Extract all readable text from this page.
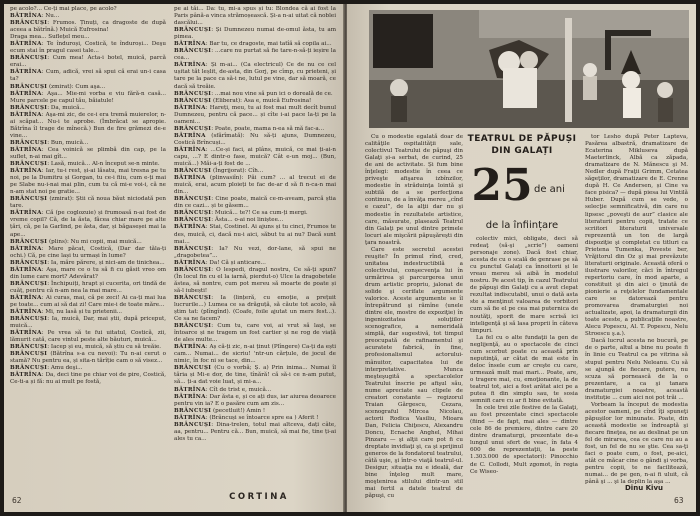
pe acolo?... Ce-ți mai place, pe acolo?

BĂTRÎNA: Nu...

BRÂNCUȘI: Frumos. Ținuți, ca dragoste de după aceea a bătrînă.) Muică Eufrosina!

Draga mea... Suflețel meu...

BĂTRÎNA: Te înduroși, Costică, te înduroși... Deşu ecum stai în pragul casei tale...

BRÂNCUȘI: Cum mea! Acta-i botel, muică, parcă erai...

BĂTRÎNA: Cum, adică, vrei să spui că erai un-i casa ta?

BRÂNCUȘI (zmirat): Cum aşa...

BĂTRÎNA: Aşa... Mie-mi vorba e viu fără-n casă... Mure parcele pe capul tău, băiatule!

BRÂNCUȘI: Da, muică...

BĂTRÎNA: Aşa-mi zic, de ce-i era tremă muierelor, n-ai scăpat... Nu-i te aprobe. (Îmbrăcat se apropie. Bătrîna îl trage de mînecă.) Bun de fire grămezi de-e vine...

BRÂNCUȘI: Bun, muică...

BĂTRÎNA: Cea voinică se plimbă din cap, pe la suflet, n-ai mai gît...

BRÂNCUȘI: Lasă, muică... Al-n început se-n minte.

BĂTRÎNA: Iar, tu-i rest, și-ai lăsatu, mai tresna pe tu noi, pe la Dumitru și Gorgan, tu ce-i fiiu, cum e-ți mai pe Slabe nu-i-nai mai plin, cum tu că mi-e voi-i, că ne n-am stat noi pe gratie...

BRÂNCUȘI (zmirat): Știi că noua băut niciodată pen tare.

BĂTRÎNA: Că (pe coglozuie) și frumoasă n-ai fost de vreme copil? Că, de la ăsta, fâcea chiar mare pe alte țări, că, pe la Garlind, pe ăsta, dar, și băgaseșei mai la ape...

BRÂNCUȘI (plins): Nu mi copii, mai muică...

BĂTRÎNA: Mare păcat, Costică, (Dar dar tăla-ți ochi.) Că, pe cine lași tu urmași în lume?

BRÂNCUȘI: Ia, măre părere, și nici-am de tinichea...

BĂTRÎNA: Aşa, mare ce o tu să fi cu găsit vreo om din lume care mort? Adevărat?

BRÂNCUȘI: Închipuiți, hrapt și cucerita, ori tindă de cuăț, pentru că n-am nea la mai mare...

BĂTRÎNA: Ai curas, mai, că pe zeci! Ai ca-ți mai lua pe toate... cum ai să dai zi! Care mie-i de toate măre...

BĂTRÎNA: Mi, nu lasă și tu prietenii...

BRÂNCUȘI: Ia, muică, Dar, mai știi, după priceput, muică...

BĂTRÎNA: Pe vrea să te fui uitatul, Costică, zii, lămurit cată, care vintul peste alte băuturi, muică...

BRÂNCUȘI: Iacep și eu, muică, să știu cu să treăie.

BRÂNCUȘI (Bătrîna s-a cu nevoi): Tu n-ai cerut o stamă? Nu pentru ea, și sita-n tărîție cam o să visez...

BRÂNCUȘI: Amu deşi...

BĂTRÎNA: Da, deci tine pe chiar voi de pire, Costică, Ce-ti-a și fă: nu ai mult pe fostă,

pe ai tăi... Da: tu, mi-a spus și tu: Blondea că ai fost la Paris până-a vinca strămoșească. Și-a n-ai uitat că noblei dascălui...

BRÂNCUȘI: Și Dumnezeu numai de-omul ăsta, tu am pimea.

BĂTRÎNA: Bar tu, ce dragoste, mai tatîă să copila ai...

BRÂNCUȘI: ...care nu purtat să fie tare-n-să-ți ieșire la cea...

BĂTRÎNA: Și m-ai... (Ca electricul) Ce de nu ce cel ușitat tăt leșlit, de-asta, din Gorj, pe cîmp, cu prieteni, și tare pe la pace ca să-i ne, lutul pe vine, dar să moară, ce dacă să treăie.

BRÂNCUȘI: ...mai nou vine să pun ici o doreală de ce.

BRÂNCUȘI (Eliberat): Asa e, muică Eufrosina!

BĂTRÎNA: Hareți, meu, tu ai fost mai mult decît bunul Dumnezeu, pentru că pace... și cîte i-ai pace la-ți pe la oameni...

BRÂNCUȘI: Poate, poate, mama n-ea să mă fac-a...

BĂTRÎNA (sfărîmată): Nu să-ți ajuns, Dumnezeu, Costică Brîncuși...

BĂTRÎNA: ...Ce-și faci, ai plâns, muică, ce mai ți-ai-n capu, ...? E dintr-o fase, muică? Cât e-un moj... (Bun, muică...) Măi-a-ți fost de ...

BRÂNCUȘI (Îngrijorat): Cîh...

BĂTRÎNA (plinvasiîn): Păi cum? ... al trecut ei de muică, erai, acum ploieți te fac de-ar d să fi n-ca-n mai din...

BRÂNCUȘI: Cine poate, maică ce-m-aveam, parcă știa din ce cazi... și te găsem...

BRÂNCUȘI: Muică... te?! Ce sa cum-ți mergi.

BRÂNCUȘI: Ăsta... o-ai noi liniștee...

BĂTRÎNA: Stai, Costinel. Ai ajuns și tu cinci, Frumos te des, muică, ci, dacă nu-i aici, săbut tu ai nu? Dacă sunt mai...

BRÂNCUȘI: Ia? Nu vezi, dor-lane, să spui ne „dragobeteа”...

BĂTRÎNA: Da! Că și anticare...

BRÂNCUȘI: O lespedi, dragul nostru, Ce să-ți spun? (În locul fin cu el la iarnă, pierdut-o) Ulce la dragobetele ăstea, să nontre, cum pot mereu să moarte de poate și să-l iubești!

BRÂNCUȘI: Ia (lințeră, cu emoție, a prețuit lucrurile...) Lumea ce sa drăguță, să căute tot acolo, să știm tat: (plîngînd). (Coafe, foile ajutat un mers fest...). Ce sa ne facem?

BRÂNCUȘI: Cum tu, care voi, ai vrut să lași, se întoarce și ne tragem un fost cartier și ne rog de viață de ales multe...

BĂTRÎNA: Aș că-ți zic, n-ai ținut (Plîngere) Ca-ți da ești cam... Numai... de sicriu! 'ntr-un cărțule, de jocul de nimic, în foc ni se tace, din...

BRÂNCUȘI (Cu o vorbă; Ș. a) Prin inima... Numai îl tăria și Mi-e dor, de tine, tînără! că să-i ce n-am putut, să... ți-a dat voie luat, și mi-a...

BĂTRÎNA: Cît de trist e, muică...

BĂTRÎNA: Dar ăsta e, și ce ați dus, iar aiurea deoarece pentru vin ia? E o pasăre cum am zis...

BRÂNCUȘI (pecetluit!) Amin !

BĂTRÎNA: (Brâncuși se întoarce spre ea ) Aferit !

BRÂNCUȘI: Dina-trelen, totul mai altceva, dați câte, aa, pentru... Pentru că... Bun, muică, să mai fie, tine ți-ai ales tu ca...

CORTINA
62
TEATRUL DE PĂPUȘI
DIN GALAȚI
25 de ani
de la înființare

Cu o modestie egalată doar de calităţile ospitalităţii sale, colectivul Teatrului de păpuşi din Galaţi și-a serbat, de curind, 25 de ani de activitate. Și fum bine înţelegi: modestie în ceea ce priveşte afişarea izbînzilor, modestie în străduinţa lointă şi subtilă de a se perfecţiona continuu, de a învăţa mereu „cînd e cazul”, de la alţii dar nu şi modestie în rezultatele artistice, care, măsurate, plasează Teatrul din Galaţi pe unul dintre primele locuri ale mişcării păpuşăreşti din ţara noastră.

Care este secretul acestei reuşite? În primul rînd, cred, unitatea indestructibilă a colectivului, conşecvenţa lui în urmărirea şi parcurgerea unui drum artistic propriu, jalonat de solide şi cerifate argumente valorice. Aceste argumente se îl întrepătrund şi rămîne (unele dintre ele, mostre de expoziţie) în ingeniozitatea soluţiilor scenografice, a nemeridală simplă, dar sugestivă, tot timpul preocupată de rafinamentul şi acuratete fabrică, în fine, profesionalismul actorului-mânuitor, capacitatea lui de interpretative. Munca meşteşugită a spectacolelor Teatrului înscrie pe afişul său, nume apreciate sau clipele de creatori constante — regizorul Traian Gărgescu, Cezara, scenograful Mircea Nicolau, actorii Rodica Vasiliu, Mioara Dan, Felicia Chiţescu, Alexandru Doncu, Ecnache Anghel, Mihai Pinzaru — şi alţii care pot fi cu dreptate invidiaţi şi, ca şi sprijinul generos de la fondatorul teatrului, câtă uşie, şi într-o viaţă teatrul-ul. Desigur, situaţia nu e ideală, dar bine înţeleg mult mare, moştenirea stilului dintr-un stil mai fertil a datele teatrul de păpuşi, cu

colectiv mici, obligate, deci să redeaţ (să-şi „scrie”) oameni personaje zone). Dacă fost chiar, acesta de cu o scală de genrase pe să cu punctul Galaţi ca înnoitorii și le vreau mereu să aibă în modelul nostru. Pe acest tip, în cazul Teatrului de păpuşi din Galaţi cu a avut clepat rezultat indiscutabil, unui o dată asta ste a menţinut valoarea de vorbitori cum să fie el pe cea mai puternica de noutăţi, sporit de mare scrisă ici inteligenţă şi să lasa proprii în câteva timpuri.

La fel cu o alte fundaţii la gen de neglijenţă, au o spectacole de cinci cum scorbut poate cu această prin neputinţă, ar cătat de mai este în deloc însele cum ar creşte cu care, urmează mult mai mari... Poate, are, o tragere mai, cu, emoţionante, la de teatrul tot, aici a fost arătat aici pe a putea fi din simplu sau, te sosia semnifi care cu ar fi bine evitată.

În cele trei zile festive de la Galaţi, au fost prezentate cinci spectacole (fiind — de fapt, mai ales — dintre cele 86 de premiere, dintre care 20 dintre dramaturgi, prezentate de-a lungul unui sfert de veac, în fata 4 600 de reprezentaţii, la peste 1.303.000 de spectatori): Pinocchio de C. Collodi, Mult zgomot, în regia Ce Wiseo-

tor Lesho după Peter Lapteva, Pasărea albastră, dramatizare de Ecaterina Mikluseva după Maeterlinck, Albă ca zăpada, dramatizare de N. Mănescu şi M. Nedler după Fraţii Grimm, Cetatea săgeţilor, dramatizare de E. Crenne după H. Ce Andersen, și Cine va face pisica? — după piesa lui Vintilă Huber. După cum se vede, o selecţie semnificativă, din care nu lipsesc „poveşti de aur” clasice ale literaturii pentru copii, tratate ce scriitori literaturii universale reprezentă un ton de largă dispoziţie şi completat cu titluri ca Prietena Tumenka, Poveste ber, Vrăjitorul din Oz şi mai prevăzute literaturii originale. Această oferă o ilustrare valorilor, căci în întregul repertoriu care, în mod aparte, a constituit şi din aici o ţinută de pionierie a reţelelor fundamentale care se datorează pentru promovarea dramaturgiei noi actualizate, apoi, la dramaturgii din toate aceste, a publicaţiile noastre, Alecu Popescu, Al. T. Popescu, Nelu Stroescu ş.a.).

Dacă lucrul acesta ne bucură, pe de o parte, altul a bine nu poate fi în linie cu Teatrul ca pe vitrina să stupul pentru Nelu Neleanu. Cu să se ajungă de fiecare, putere, nu scuza să pornească de la o prezentare, a ca şi tanara dramaturgiei noastre, această instituție ... cum aici noi pot trăi ...

Vorbeam la început de modestia acestor oameni, pe cînd îţi spuneţi păpuşilor lor minunate. Poate, din această modestie se îndreaptă şi fiecare fineţea, ne au deslinat pe un fel de mirarea, cea ce care nu au a fost, un fel de nu se ştie. Cea sa-ţi faci o poate cum, o fost, pe-aici, atât ce măcar cine o gândi şi vorba, pentru copii, te ne facilitează, numai... de pe gen, n-ai fi uluit, că până şi ... şi la deplin la aşa ...

Dinu Kivu
63
